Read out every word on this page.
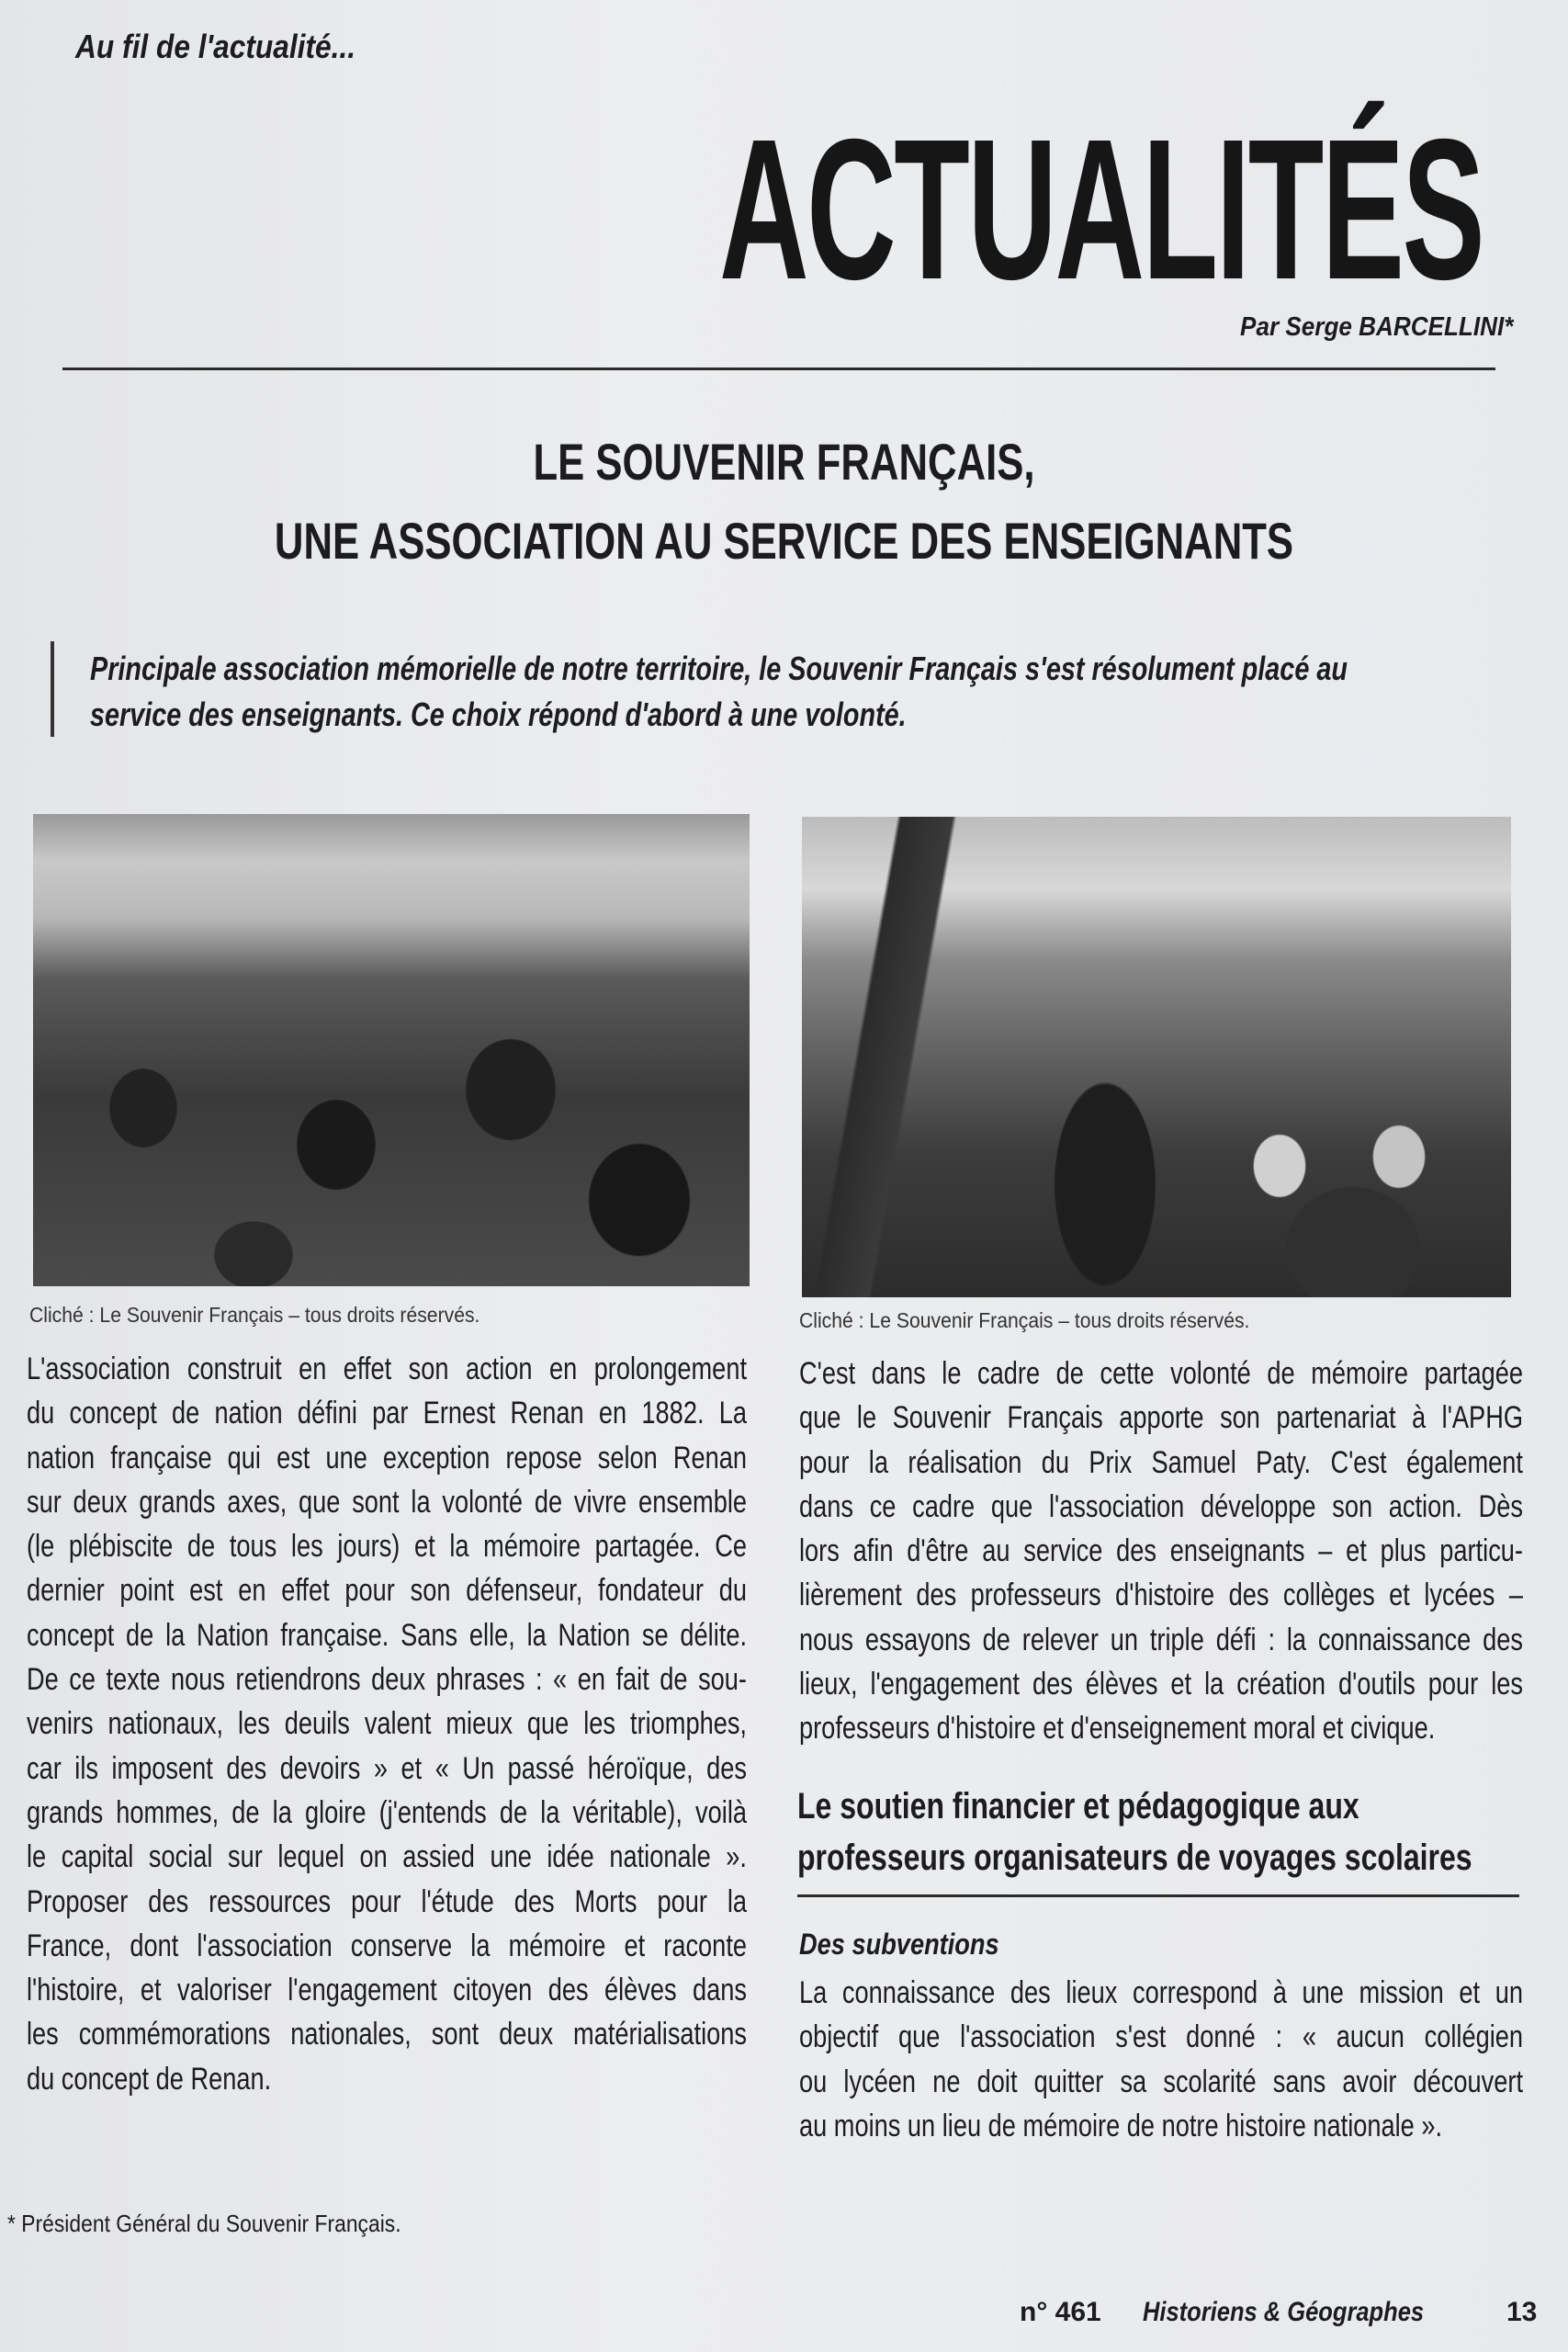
Au fil de l'actualité...
ACTUALITÉS
Par Serge BARCELLINI*
LE SOUVENIR FRANÇAIS,
UNE ASSOCIATION AU SERVICE DES ENSEIGNANTS
Principale association mémorielle de notre territoire, le Souvenir Français s'est résolument placé au
service des enseignants. Ce choix répond d'abord à une volonté.
Cliché : Le Souvenir Français – tous droits réservés.	Cliché : Le Souvenir Français – tous droits réservés.
L'association construit en effet son action en prolongement
du concept de nation défini par Ernest Renan en 1882. La
nation française qui est une exception repose selon Renan
sur deux grands axes, que sont la volonté de vivre ensemble
(le plébiscite de tous les jours) et la mémoire partagée. Ce
dernier point est en effet pour son défenseur, fondateur du
concept de la Nation française. Sans elle, la Nation se délite.
De ce texte nous retiendrons deux phrases : « en fait de sou-
venirs nationaux, les deuils valent mieux que les triomphes,
car ils imposent des devoirs » et « Un passé héroïque, des
grands hommes, de la gloire (j'entends de la véritable), voilà
le capital social sur lequel on assied une idée nationale ».
Proposer des ressources pour l'étude des Morts pour la
France, dont l'association conserve la mémoire et raconte
l'histoire, et valoriser l'engagement citoyen des élèves dans
les commémorations nationales, sont deux matérialisations
du concept de Renan.
C'est dans le cadre de cette volonté de mémoire partagée
que le Souvenir Français apporte son partenariat à l'APHG
pour la réalisation du Prix Samuel Paty. C'est également
dans ce cadre que l'association développe son action. Dès
lors afin d'être au service des enseignants – et plus particu-
lièrement des professeurs d'histoire des collèges et lycées –
nous essayons de relever un triple défi : la connaissance des
lieux, l'engagement des élèves et la création d'outils pour les
professeurs d'histoire et d'enseignement moral et civique.
Le soutien financier et pédagogique aux
professeurs organisateurs de voyages scolaires
Des subventions
La connaissance des lieux correspond à une mission et un
objectif que l'association s'est donné : « aucun collégien
ou lycéen ne doit quitter sa scolarité sans avoir découvert
au moins un lieu de mémoire de notre histoire nationale ».
* Président Général du Souvenir Français.
n° 461 Historiens & Géographes	13
